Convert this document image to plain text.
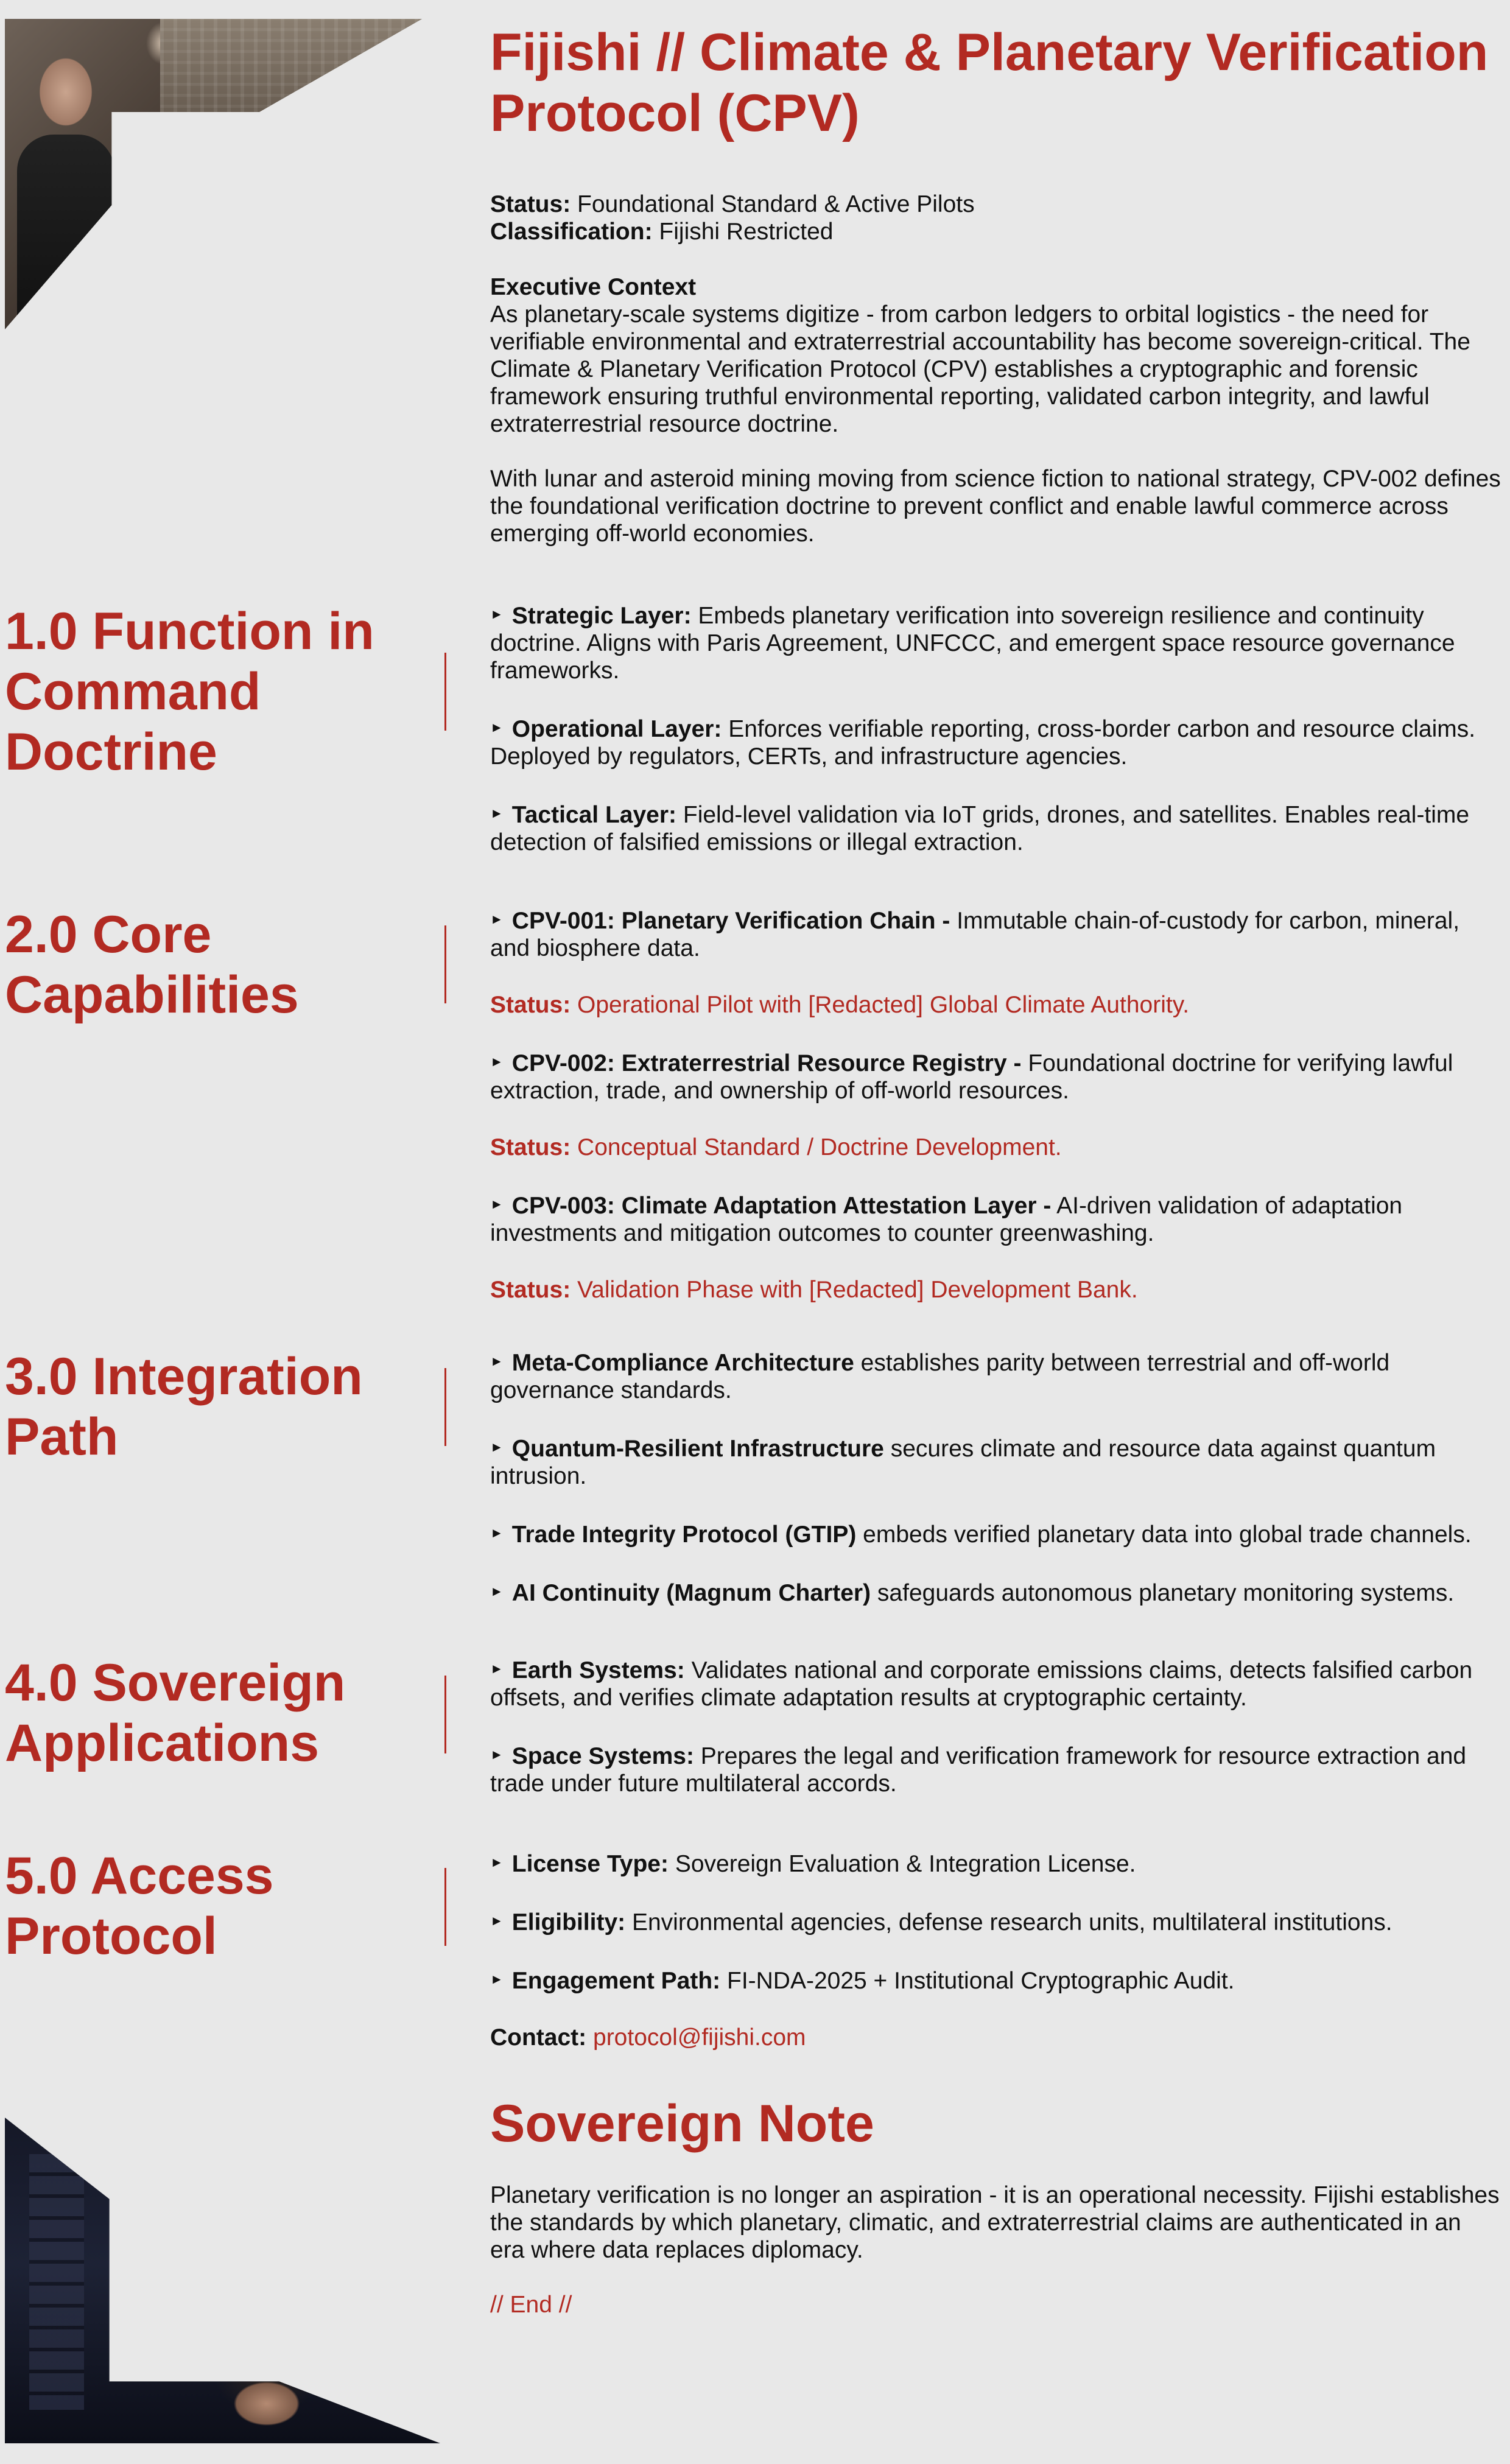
Fijishi // Climate & Planetary Verification Protocol (CPV)

Status: Foundational Standard & Active Pilots

Classification: Fijishi Restricted

Executive Context

As planetary-scale systems digitize - from carbon ledgers to orbital logistics - the need for verifiable environmental and extraterrestrial accountability has become sovereign-critical. The Climate & Planetary Verification Protocol (CPV) establishes a cryptographic and forensic framework ensuring truthful environmental reporting, validated carbon integrity, and lawful extraterrestrial resource doctrine.

With lunar and asteroid mining moving from science fiction to national strategy, CPV-002 defines the foundational verification doctrine to prevent conflict and enable lawful commerce across emerging off-world economies.

1.0 Function in Command Doctrine

► Strategic Layer: Embeds planetary verification into sovereign resilience and continuity doctrine. Aligns with Paris Agreement, UNFCCC, and emergent space resource governance frameworks.

► Operational Layer: Enforces verifiable reporting, cross-border carbon and resource claims. Deployed by regulators, CERTs, and infrastructure agencies.

► Tactical Layer: Field-level validation via IoT grids, drones, and satellites. Enables real-time detection of falsified emissions or illegal extraction.

2.0 Core Capabilities

► CPV-001: Planetary Verification Chain - Immutable chain-of-custody for carbon, mineral, and biosphere data.

Status: Operational Pilot with [Redacted] Global Climate Authority.

► CPV-002: Extraterrestrial Resource Registry - Foundational doctrine for verifying lawful extraction, trade, and ownership of off-world resources.

Status: Conceptual Standard / Doctrine Development.

► CPV-003: Climate Adaptation Attestation Layer - AI-driven validation of adaptation investments and mitigation outcomes to counter greenwashing.

Status: Validation Phase with [Redacted] Development Bank.

3.0 Integration Path

► Meta-Compliance Architecture establishes parity between terrestrial and off-world governance standards.

► Quantum-Resilient Infrastructure secures climate and resource data against quantum intrusion.

► Trade Integrity Protocol (GTIP) embeds verified planetary data into global trade channels.

► AI Continuity (Magnum Charter) safeguards autonomous planetary monitoring systems.

4.0 Sovereign Applications

► Earth Systems: Validates national and corporate emissions claims, detects falsified carbon offsets, and verifies climate adaptation results at cryptographic certainty.

► Space Systems: Prepares the legal and verification framework for resource extraction and trade under future multilateral accords.

5.0 Access Protocol

► License Type: Sovereign Evaluation & Integration License.

► Eligibility: Environmental agencies, defense research units, multilateral institutions.

► Engagement Path: FI-NDA-2025 + Institutional Cryptographic Audit.

Contact: protocol@fijishi.com

Sovereign Note

Planetary verification is no longer an aspiration - it is an operational necessity. Fijishi establishes the standards by which planetary, climatic, and extraterrestrial claims are authenticated in an era where data replaces diplomacy.

// End //
